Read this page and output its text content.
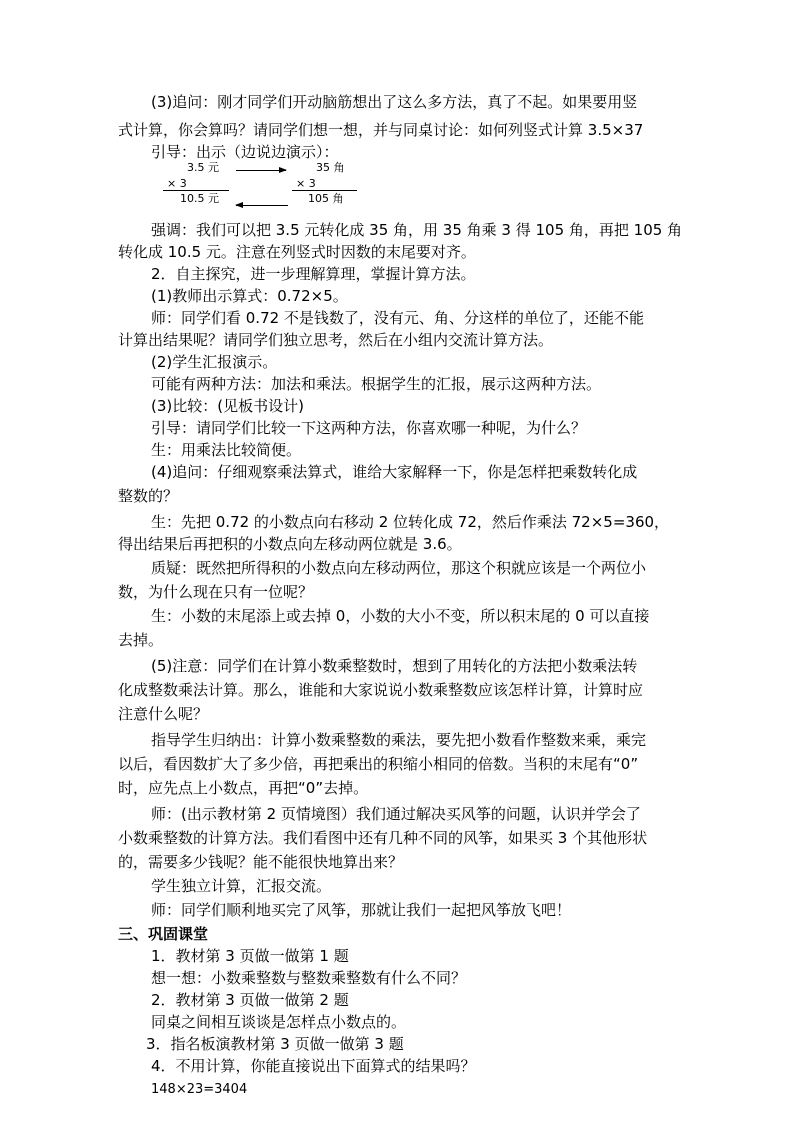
(3)追问：刚才同学们开动脑筋想出了这么多方法，真了不起。如果要用竖
式计算，你会算吗？请同学们想一想，并与同桌讨论：如何列竖式计算 3.5×37
引导：出示（边说边演示）：
3.5 元
× 3
10.5 元
35 角
× 3
105 角
强调：我们可以把 3.5 元转化成 35 角，用 35 角乘 3 得 105 角，再把 105 角
转化成 10.5 元。注意在列竖式时因数的末尾要对齐。
2．自主探究，进一步理解算理，掌握计算方法。
(1)教师出示算式：0.72×5。
师：同学们看 0.72 不是钱数了，没有元、角、分这样的单位了，还能不能
计算出结果呢？请同学们独立思考，然后在小组内交流计算方法。
(2)学生汇报演示。
可能有两种方法：加法和乘法。根据学生的汇报，展示这两种方法。
(3)比较：(见板书设计)
引导：请同学们比较一下这两种方法，你喜欢哪一种呢，为什么？
生：用乘法比较简便。
(4)追问：仔细观察乘法算式，谁给大家解释一下，你是怎样把乘数转化成
整数的？
生：先把 0.72 的小数点向右移动 2 位转化成 72，然后作乘法 72×5=360，
得出结果后再把积的小数点向左移动两位就是 3.6。
质疑：既然把所得积的小数点向左移动两位，那这个积就应该是一个两位小
数，为什么现在只有一位呢？
生：小数的末尾添上或去掉 0，小数的大小不变，所以积末尾的 0 可以直接
去掉。
(5)注意：同学们在计算小数乘整数时，想到了用转化的方法把小数乘法转
化成整数乘法计算。那么，谁能和大家说说小数乘整数应该怎样计算，计算时应
注意什么呢？
指导学生归纳出：计算小数乘整数的乘法，要先把小数看作整数来乘，乘完
以后，看因数扩大了多少倍，再把乘出的积缩小相同的倍数。当积的末尾有“0”
时，应先点上小数点，再把“0”去掉。
师：(出示教材第 2 页情境图）我们通过解决买风筝的问题，认识并学会了
小数乘整数的计算方法。我们看图中还有几种不同的风筝，如果买 3 个其他形状
的，需要多少钱呢？能不能很快地算出来？
学生独立计算，汇报交流。
师：同学们顺利地买完了风筝，那就让我们一起把风筝放飞吧！
三、巩固课堂
1．教材第 3 页做一做第 1 题
想一想：小数乘整数与整数乘整数有什么不同？
2．教材第 3 页做一做第 2 题
同桌之间相互谈谈是怎样点小数点的。
3．指名板演教材第 3 页做一做第 3 题
4．不用计算，你能直接说出下面算式的结果吗？
148×23=3404
